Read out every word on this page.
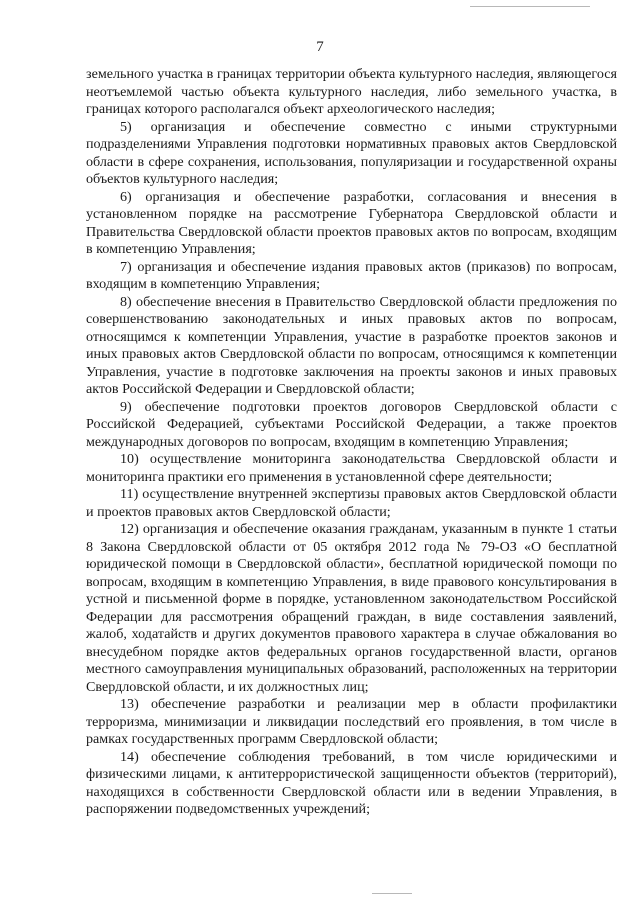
7

земельного участка в границах территории объекта культурного наследия, являющегося неотъемлемой частью объекта культурного наследия, либо земельного участка, в границах которого располагался объект археологического наследия;

5) организация и обеспечение совместно с иными структурными подразделениями Управления подготовки нормативных правовых актов Свердловской области в сфере сохранения, использования, популяризации и государственной охраны объектов культурного наследия;

6) организация и обеспечение разработки, согласования и внесения в установленном порядке на рассмотрение Губернатора Свердловской области и Правительства Свердловской области проектов правовых актов по вопросам, входящим в компетенцию Управления;

7) организация и обеспечение издания правовых актов (приказов) по вопросам, входящим в компетенцию Управления;

8) обеспечение внесения в Правительство Свердловской области предложения по совершенствованию законодательных и иных правовых актов по вопросам, относящимся к компетенции Управления, участие в разработке проектов законов и иных правовых актов Свердловской области по вопросам, относящимся к компетенции Управления, участие в подготовке заключения на проекты законов и иных правовых актов Российской Федерации и Свердловской области;

9) обеспечение подготовки проектов договоров Свердловской области с Российской Федерацией, субъектами Российской Федерации, а также проектов международных договоров по вопросам, входящим в компетенцию Управления;

10) осуществление мониторинга законодательства Свердловской области и мониторинга практики его применения в установленной сфере деятельности;

11) осуществление внутренней экспертизы правовых актов Свердловской области и проектов правовых актов Свердловской области;

12) организация и обеспечение оказания гражданам, указанным в пункте 1 статьи 8 Закона Свердловской области от 05 октября 2012 года № 79-ОЗ «О бесплатной юридической помощи в Свердловской области», бесплатной юридической помощи по вопросам, входящим в компетенцию Управления, в виде правового консультирования в устной и письменной форме в порядке, установленном законодательством Российской Федерации для рассмотрения обращений граждан, в виде составления заявлений, жалоб, ходатайств и других документов правового характера в случае обжалования во внесудебном порядке актов федеральных органов государственной власти, органов местного самоуправления муниципальных образований, расположенных на территории Свердловской области, и их должностных лиц;

13) обеспечение разработки и реализации мер в области профилактики терроризма, минимизации и ликвидации последствий его проявления, в том числе в рамках государственных программ Свердловской области;

14) обеспечение соблюдения требований, в том числе юридическими и физическими лицами, к антитеррористической защищенности объектов (территорий), находящихся в собственности Свердловской области или в ведении Управления, в распоряжении подведомственных учреждений;
